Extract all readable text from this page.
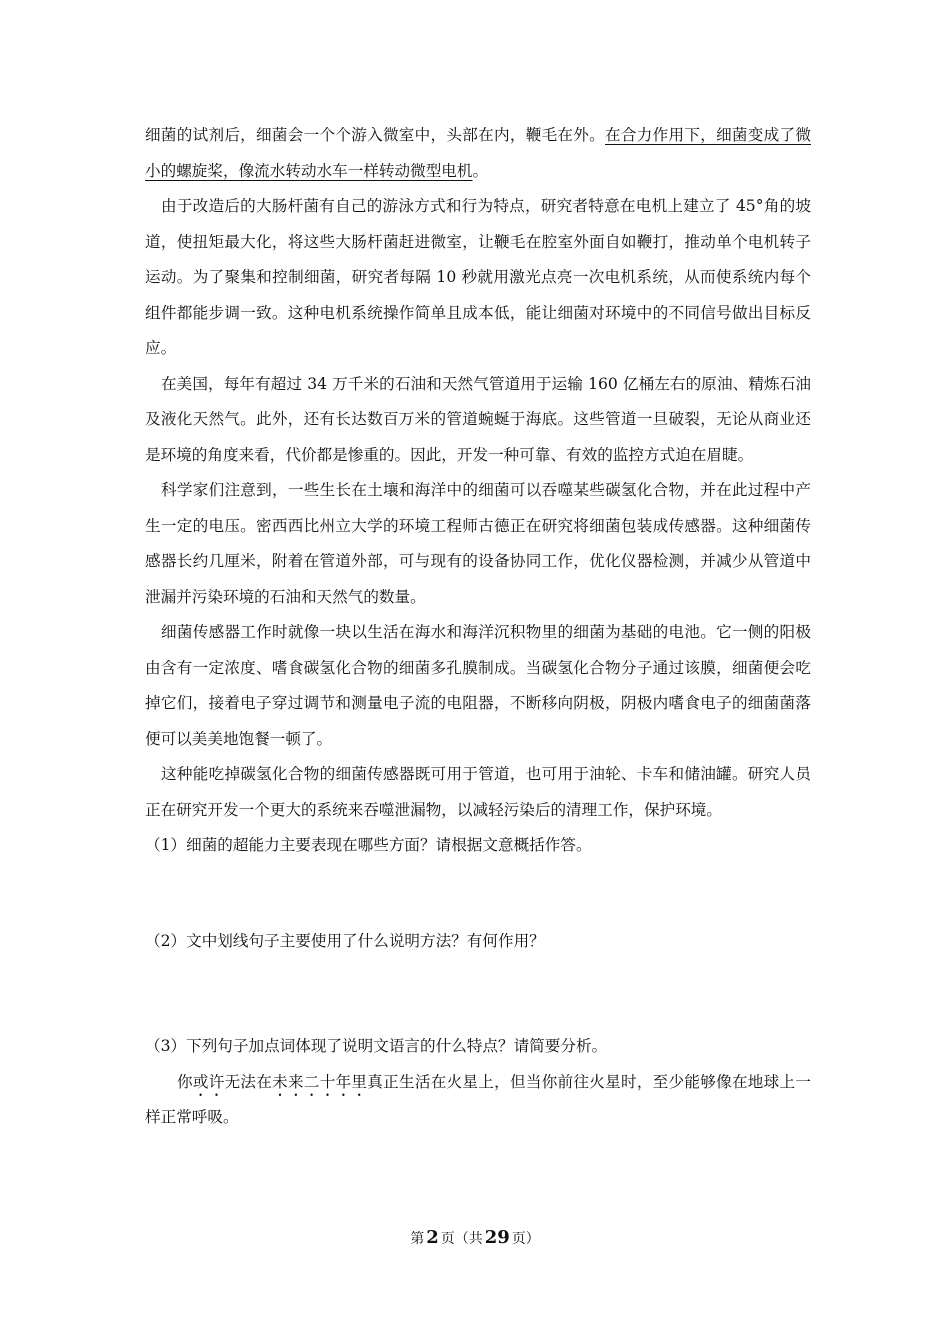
细菌的试剂后，细菌会一个个游入微室中，头部在内，鞭毛在外。在合力作用下，细菌变成了微小的螺旋桨，像流水转动水车一样转动微型电机。

由于改造后的大肠杆菌有自己的游泳方式和行为特点，研究者特意在电机上建立了 45°角的坡道，使扭矩最大化，将这些大肠杆菌赶进微室，让鞭毛在腔室外面自如鞭打，推动单个电机转子运动。为了聚集和控制细菌，研究者每隔 10 秒就用激光点亮一次电机系统，从而使系统内每个组件都能步调一致。这种电机系统操作简单且成本低，能让细菌对环境中的不同信号做出目标反应。

在美国，每年有超过 34 万千米的石油和天然气管道用于运输 160 亿桶左右的原油、精炼石油及液化天然气。此外，还有长达数百万米的管道蜿蜒于海底。这些管道一旦破裂，无论从商业还是环境的角度来看，代价都是惨重的。因此，开发一种可靠、有效的监控方式迫在眉睫。

科学家们注意到，一些生长在土壤和海洋中的细菌可以吞噬某些碳氢化合物，并在此过程中产生一定的电压。密西西比州立大学的环境工程师古德正在研究将细菌包装成传感器。这种细菌传感器长约几厘米，附着在管道外部，可与现有的设备协同工作，优化仪器检测，并减少从管道中泄漏并污染环境的石油和天然气的数量。

细菌传感器工作时就像一块以生活在海水和海洋沉积物里的细菌为基础的电池。它一侧的阳极由含有一定浓度、嗜食碳氢化合物的细菌多孔膜制成。当碳氢化合物分子通过该膜，细菌便会吃掉它们，接着电子穿过调节和测量电子流的电阻器，不断移向阴极，阴极内嗜食电子的细菌菌落便可以美美地饱餐一顿了。

这种能吃掉碳氢化合物的细菌传感器既可用于管道，也可用于油轮、卡车和储油罐。研究人员正在研究开发一个更大的系统来吞噬泄漏物，以减轻污染后的清理工作，保护环境。

（1）细菌的超能力主要表现在哪些方面？请根据文意概括作答。

（2）文中划线句子主要使用了什么说明方法？有何作用？

（3）下列句子加点词体现了说明文语言的什么特点？请简要分析。

你或许无法在未来二十年里真正生活在火星上，但当你前往火星时，至少能够像在地球上一样正常呼吸。

第 2 页（共 29 页）
